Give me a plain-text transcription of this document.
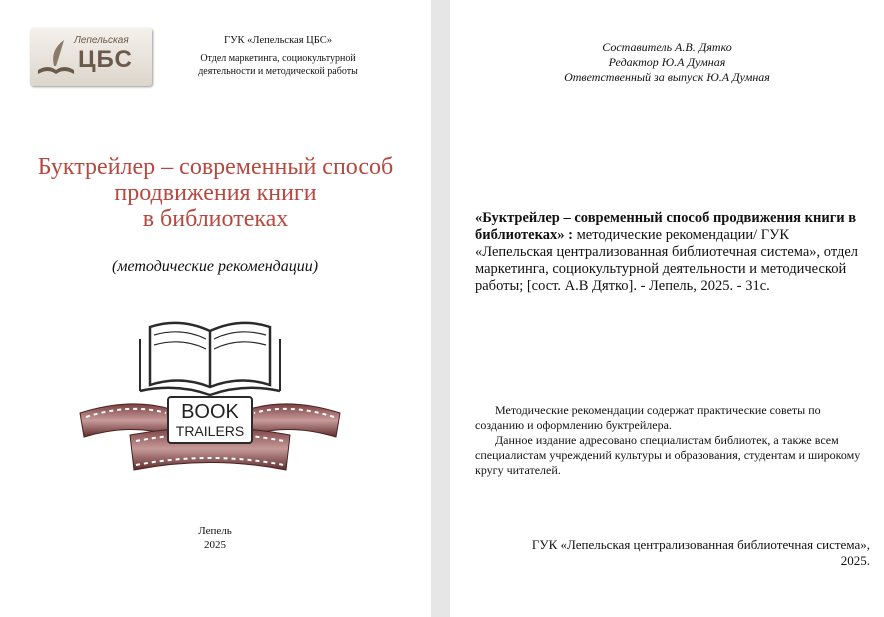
Лепельская
ЦБС
ГУК «Лепельская ЦБС»
Отдел маркетинга, социокультурной
деятельности и методической работы
Буктрейлер – современный способ
продвижения книги
в библиотеках
(методические рекомендации)
BOOK
TRAILERS
Лепель
2025
Составитель А.В. Дятко
Редактор Ю.А Думная
Ответственный за выпуск Ю.А Думная
«Буктрейлер – современный способ продвижения книги в библиотеках» : методические рекомендации/ ГУК «Лепельская централизованная библиотечная система», отдел маркетинга, социокультурной деятельности и методической работы; [сост. А.В Дятко]. - Лепель, 2025. - 31с.

Методические рекомендации содержат практические советы по созданию и оформлению буктрейлера.

Данное издание адресовано специалистам библиотек, а также всем специалистам учреждений культуры и образования, студентам и широкому кругу читателей.

ГУК «Лепельская централизованная библиотечная система»,
2025.
